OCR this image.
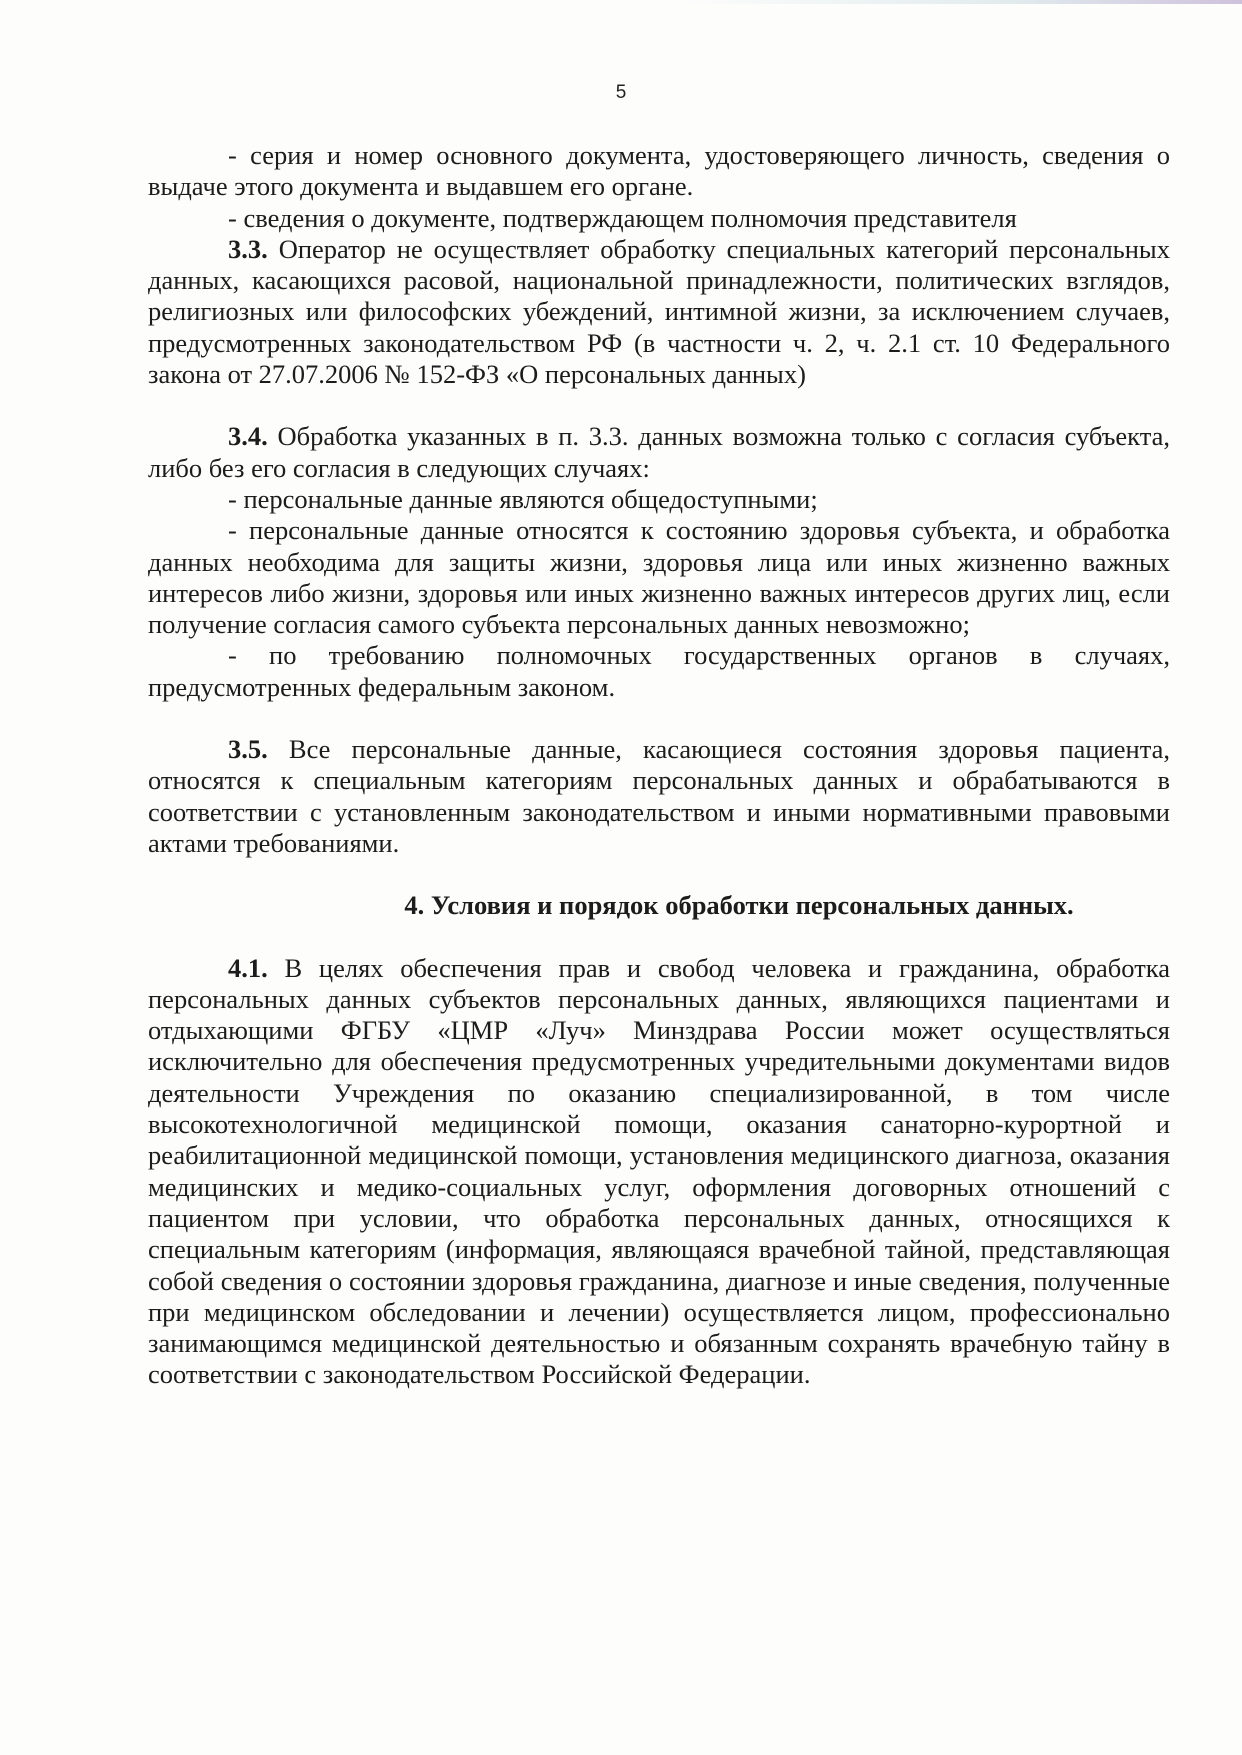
5

- серия и номер основного документа, удостоверяющего личность, сведения о выдаче этого документа и выдавшем его органе.

- сведения о документе, подтверждающем полномочия представителя

3.3. Оператор не осуществляет обработку специальных категорий персональных данных, касающихся расовой, национальной принадлежности, политических взглядов, религиозных или философских убеждений, интимной жизни, за исключением случаев, предусмотренных законодательством РФ (в частности ч. 2, ч. 2.1 ст. 10 Федерального закона от 27.07.2006 № 152-ФЗ «О персональных данных)

3.4. Обработка указанных в п. 3.3. данных возможна только с согласия субъекта, либо без его согласия в следующих случаях:

- персональные данные являются общедоступными;

- персональные данные относятся к состоянию здоровья субъекта, и обработка данных необходима для защиты жизни, здоровья лица или иных жизненно важных интересов либо жизни, здоровья или иных жизненно важных интересов других лиц, если получение согласия самого субъекта персональных данных невозможно;

- по требованию полномочных государственных органов в случаях, предусмотренных федеральным законом.

3.5. Все персональные данные, касающиеся состояния здоровья пациента, относятся к специальным категориям персональных данных и обрабатываются в соответствии с установленным законодательством и иными нормативными правовыми актами требованиями.

4. Условия и порядок обработки персональных данных.

4.1. В целях обеспечения прав и свобод человека и гражданина, обработка персональных данных субъектов персональных данных, являющихся пациентами и отдыхающими ФГБУ «ЦМР «Луч» Минздрава России может осуществляться исключительно для обеспечения предусмотренных учредительными документами видов деятельности Учреждения по оказанию специализированной, в том числе высокотехнологичной медицинской помощи, оказания санаторно-курортной и реабилитационной медицинской помощи, установления медицинского диагноза, оказания медицинских и медико-социальных услуг, оформления договорных отношений с пациентом при условии, что обработка персональных данных, относящихся к специальным категориям (информация, являющаяся врачебной тайной, представляющая собой сведения о состоянии здоровья гражданина, диагнозе и иные сведения, полученные при медицинском обследовании и лечении) осуществляется лицом, профессионально занимающимся медицинской деятельностью и обязанным сохранять врачебную тайну в соответствии с законодательством Российской Федерации.
